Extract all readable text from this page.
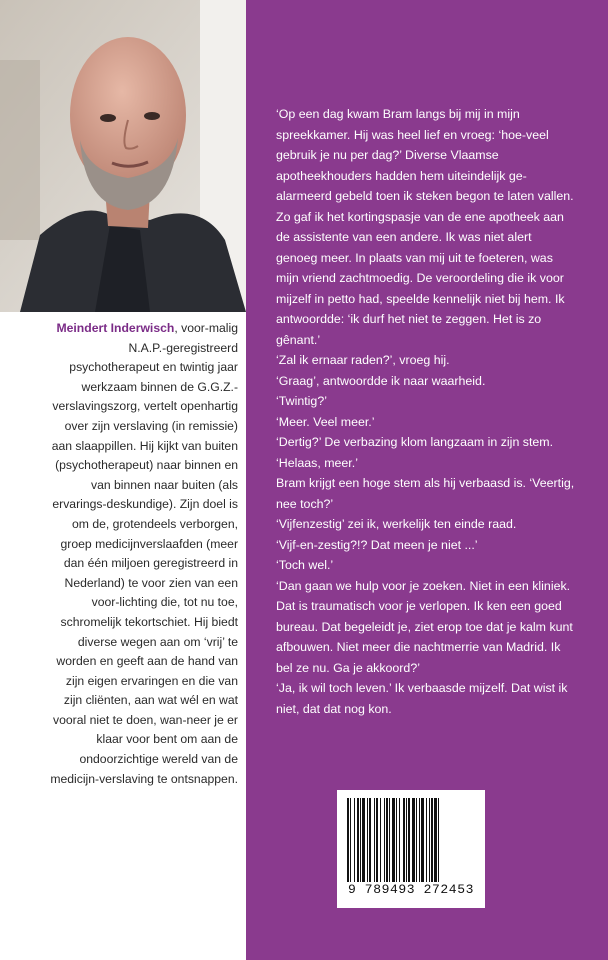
Meindert Inderwisch, voor-malig N.A.P.-geregistreerd psychotherapeut en twintig jaar werkzaam binnen de G.G.Z.-verslavingszorg, vertelt openhartig over zijn verslaving (in remissie) aan slaappillen. Hij kijkt van buiten (psychotherapeut) naar binnen en van binnen naar buiten (als ervarings-deskundige). Zijn doel is om de, grotendeels verborgen, groep medicijnverslaafden (meer dan één miljoen geregistreerd in Nederland) te voor zien van een voor-lichting die, tot nu toe, schromelijk tekortschiet. Hij biedt diverse wegen aan om ‘vrij’ te worden en geeft aan de hand van zijn eigen ervaringen en die van zijn cliënten, aan wat wél en wat vooral niet te doen, wan-neer je er klaar voor bent om aan de ondoorzichtige wereld van de medicijn-verslaving te ontsnappen.

‘Op een dag kwam Bram langs bij mij in mijn spreekkamer. Hij was heel lief en vroeg: ‘hoe-veel gebruik je nu per dag?’ Diverse Vlaamse apotheekhouders hadden hem uiteindelijk ge-alarmeerd gebeld toen ik steken begon te laten vallen. Zo gaf ik het kortingspasje van de ene apotheek aan de assistente van een andere. Ik was niet alert genoeg meer. In plaats van mij uit te foeteren, was mijn vriend zachtmoedig. De veroordeling die ik voor mijzelf in petto had, speelde kennelijk niet bij hem. Ik antwoordde: ‘ik durf het niet te zeggen. Het is zo gênant.’

‘Zal ik ernaar raden?’, vroeg hij.

‘Graag’, antwoordde ik naar waarheid.

‘Twintig?’

‘Meer. Veel meer.’

‘Dertig?’ De verbazing klom langzaam in zijn stem.

‘Helaas, meer.’

Bram krijgt een hoge stem als hij verbaasd is. ‘Veertig, nee toch?’

‘Vijfenzestig’ zei ik, werkelijk ten einde raad.

‘Vijf-en-zestig?!? Dat meen je niet ...’

‘Toch wel.’

‘Dan gaan we hulp voor je zoeken. Niet in een kliniek. Dat is traumatisch voor je verlopen. Ik ken een goed bureau. Dat begeleidt je, ziet erop toe dat je kalm kunt afbouwen. Niet meer die nachtmerrie van Madrid. Ik bel ze nu. Ga je akkoord?’

‘Ja, ik wil toch leven.’ Ik verbaasde mijzelf. Dat wist ik niet, dat dat nog kon.

9 789493 272453
